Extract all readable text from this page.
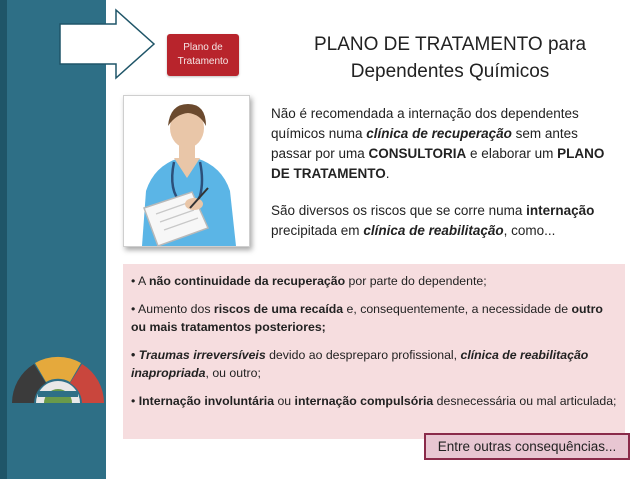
Plano de
Tratamento
PLANO DE TRATAMENTO para
Dependentes Químicos

Não é recomendada a internação dos dependentes químicos numa clínica de recuperação sem antes passar por uma CONSULTORIA e elaborar um PLANO DE TRATAMENTO.

São diversos os riscos que se corre numa internação precipitada em clínica de reabilitação, como...

• A não continuidade da recuperação por parte do dependente;

• Aumento dos riscos de uma recaída e, consequentemente, a necessidade de outro ou mais tratamentos posteriores;

• Traumas irreversíveis devido ao despreparo profissional, clínica de reabilitação inapropriada, ou outro;

• Internação involuntária ou internação compulsória desnecessária ou mal articulada;

Entre outras consequências...
